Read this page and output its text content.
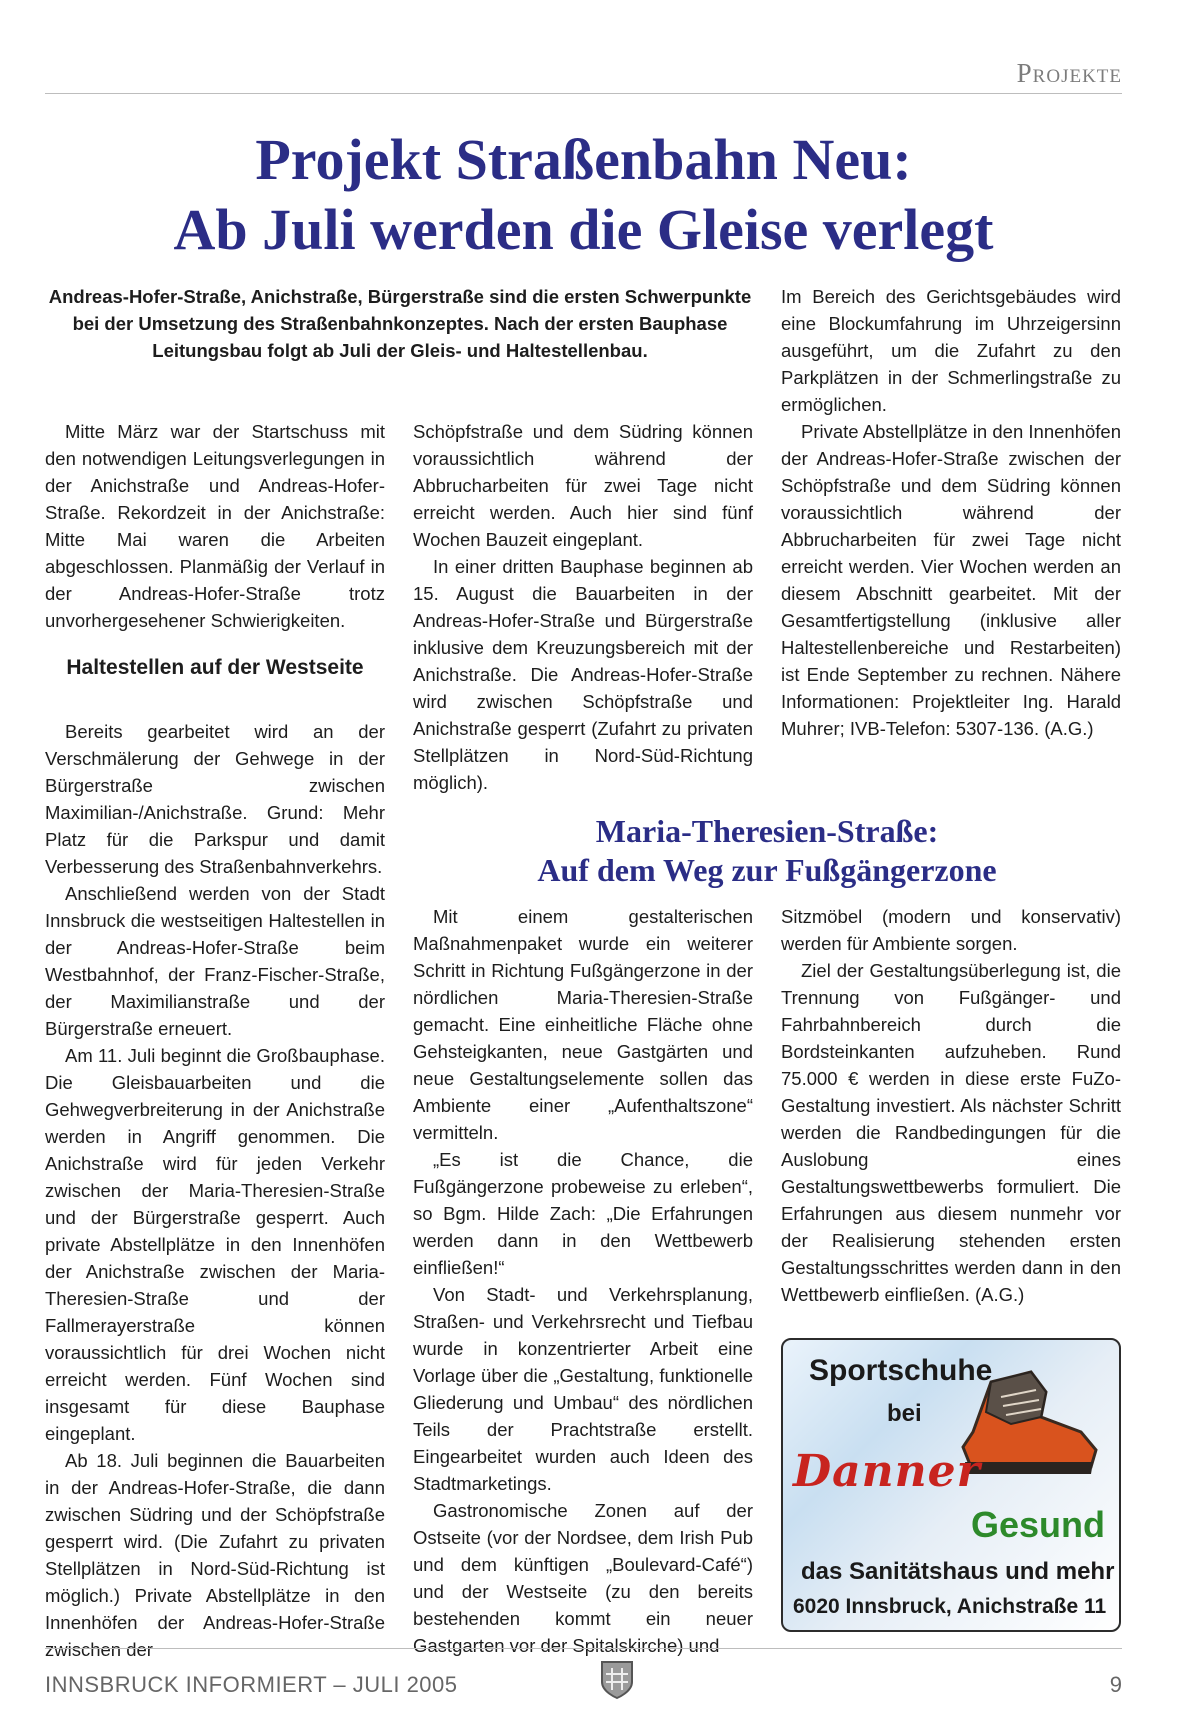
Projekte
Projekt Straßenbahn Neu:
Ab Juli werden die Gleise verlegt

Andreas-Hofer-Straße, Anichstraße, Bürgerstraße sind die ersten Schwerpunkte bei der Umsetzung des Straßenbahnkonzeptes. Nach der ersten Bauphase Leitungsbau folgt ab Juli der Gleis- und Haltestellenbau.

Mitte März war der Startschuss mit den notwendigen Leitungsverlegungen in der Anichstraße und Andreas-Hofer-Straße. Rekordzeit in der Anichstraße: Mitte Mai waren die Arbeiten abgeschlossen. Planmäßig der Verlauf in der Andreas-Hofer-Straße trotz unvorhergesehener Schwierigkeiten.

Haltestellen auf der Westseite

Bereits gearbeitet wird an der Verschmälerung der Gehwege in der Bürgerstraße zwischen Maximilian-/Anichstraße. Grund: Mehr Platz für die Parkspur und damit Verbesserung des Straßenbahnverkehrs.

Anschließend werden von der Stadt Innsbruck die westseitigen Haltestellen in der Andreas-Hofer-Straße beim Westbahnhof, der Franz-Fischer-Straße, der Maximilianstraße und der Bürgerstraße erneuert.

Am 11. Juli beginnt die Großbauphase. Die Gleisbauarbeiten und die Gehwegverbreiterung in der Anichstraße werden in Angriff genommen. Die Anichstraße wird für jeden Verkehr zwischen der Maria-Theresien-Straße und der Bürgerstraße gesperrt. Auch private Abstellplätze in den Innenhöfen der Anichstraße zwischen der Maria-Theresien-Straße und der Fallmerayerstraße können voraussichtlich für drei Wochen nicht erreicht werden. Fünf Wochen sind insgesamt für diese Bauphase eingeplant.

Ab 18. Juli beginnen die Bauarbeiten in der Andreas-Hofer-Straße, die dann zwischen Südring und der Schöpfstraße gesperrt wird. (Die Zufahrt zu privaten Stellplätzen in Nord-Süd-Richtung ist möglich.) Private Abstellplätze in den Innenhöfen der Andreas-Hofer-Straße zwischen der

Schöpfstraße und dem Südring können voraussichtlich während der Abbrucharbeiten für zwei Tage nicht erreicht werden. Auch hier sind fünf Wochen Bauzeit eingeplant.

In einer dritten Bauphase beginnen ab 15. August die Bauarbeiten in der Andreas-Hofer-Straße und Bürgerstraße inklusive dem Kreuzungsbereich mit der Anichstraße. Die Andreas-Hofer-Straße wird zwischen Schöpfstraße und Anichstraße gesperrt (Zufahrt zu privaten Stellplätzen in Nord-Süd-Richtung möglich).

Im Bereich des Gerichtsgebäudes wird eine Blockumfahrung im Uhrzeigersinn ausgeführt, um die Zufahrt zu den Parkplätzen in der Schmerlingstraße zu ermöglichen.

Private Abstellplätze in den Innenhöfen der Andreas-Hofer-Straße zwischen der Schöpfstraße und dem Südring können voraussichtlich während der Abbrucharbeiten für zwei Tage nicht erreicht werden. Vier Wochen werden an diesem Abschnitt gearbeitet. Mit der Gesamtfertigstellung (inklusive aller Haltestellenbereiche und Restarbeiten) ist Ende September zu rechnen. Nähere Informationen: Projektleiter Ing. Harald Muhrer; IVB-Telefon: 5307-136. (A.G.)

Maria-Theresien-Straße:
Auf dem Weg zur Fußgängerzone

Mit einem gestalterischen Maßnahmenpaket wurde ein weiterer Schritt in Richtung Fußgängerzone in der nördlichen Maria-Theresien-Straße gemacht. Eine einheitliche Fläche ohne Gehsteigkanten, neue Gastgärten und neue Gestaltungselemente sollen das Ambiente einer „Aufenthaltszone“ vermitteln.

„Es ist die Chance, die Fußgängerzone probeweise zu erleben“, so Bgm. Hilde Zach: „Die Erfahrungen werden dann in den Wettbewerb einfließen!“

Von Stadt- und Verkehrsplanung, Straßen- und Verkehrsrecht und Tiefbau wurde in konzentrierter Arbeit eine Vorlage über die „Gestaltung, funktionelle Gliederung und Umbau“ des nördlichen Teils der Prachtstraße erstellt. Eingearbeitet wurden auch Ideen des Stadtmarketings.

Gastronomische Zonen auf der Ostseite (vor der Nordsee, dem Irish Pub und dem künftigen „Boulevard-Café“) und der Westseite (zu den bereits bestehenden kommt ein neuer Gastgarten vor der Spitalskirche) und

Sitzmöbel (modern und konservativ) werden für Ambiente sorgen.

Ziel der Gestaltungsüberlegung ist, die Trennung von Fußgänger- und Fahrbahnbereich durch die Bordsteinkanten aufzuheben. Rund 75.000 € werden in diese erste FuZo-Gestaltung investiert. Als nächster Schritt werden die Randbedingungen für die Auslobung eines Gestaltungswettbewerbs formuliert. Die Erfahrungen aus diesem nunmehr vor der Realisierung stehenden ersten Gestaltungsschrittes werden dann in den Wettbewerb einfließen. (A.G.)

Sportschuhe
bei
Danner
Gesund
das Sanitätshaus und mehr
6020 Innsbruck, Anichstraße 11
INNSBRUCK INFORMIERT – JULI 2005	9
